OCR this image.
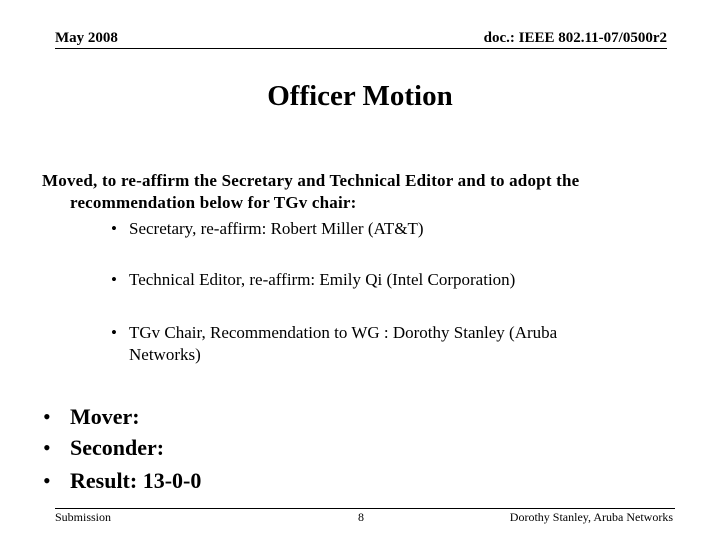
May 2008	doc.: IEEE 802.11-07/0500r2
Officer Motion
Moved, to re-affirm the Secretary and Technical Editor and to adopt the
recommendation below for TGv chair:
• Secretary, re-affirm: Robert Miller (AT&T)
• Technical Editor, re-affirm: Emily Qi (Intel Corporation)
• TGv Chair, Recommendation to WG : Dorothy Stanley (Aruba
Networks)
• Mover:
• Seconder:
• Result: 13-0-0
Submission	8	Dorothy Stanley, Aruba Networks
